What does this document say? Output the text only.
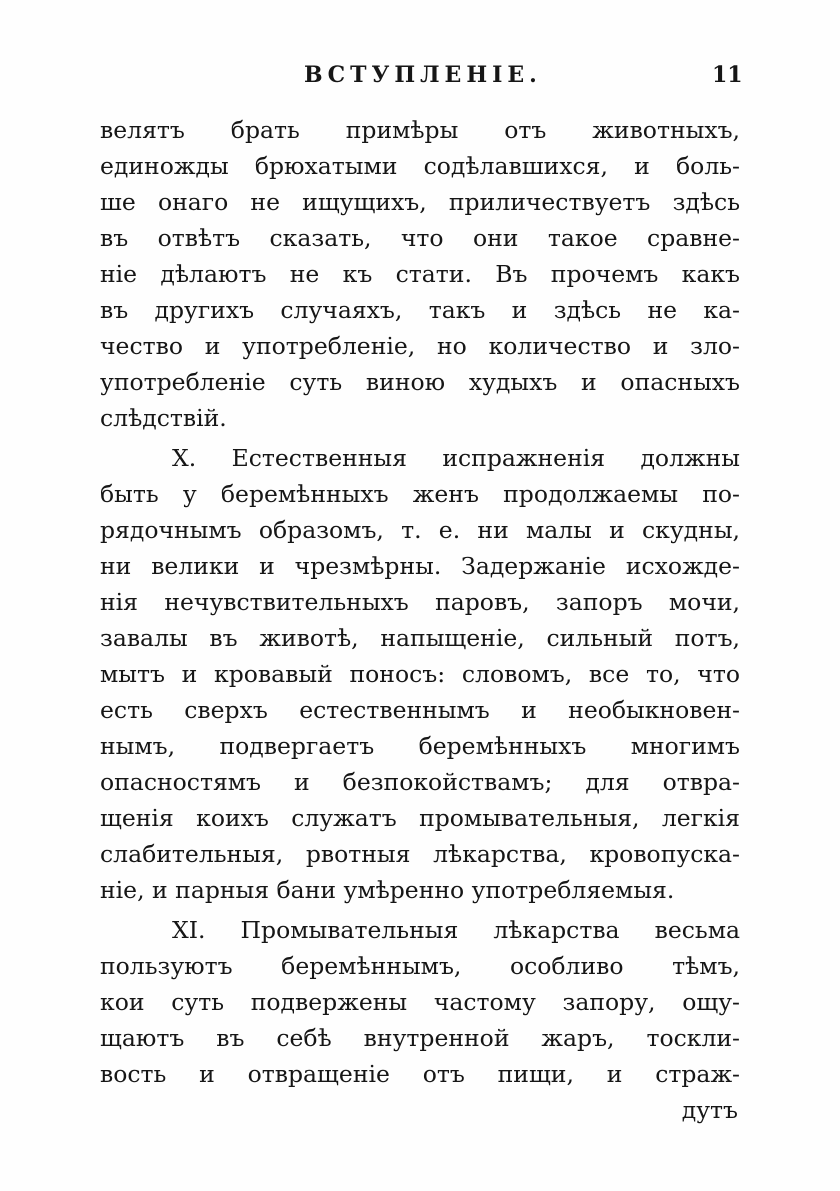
ВСТУПЛЕНIЕ.	11
велятъ брать примѣры отъ животныхъ,
единожды брюхатыми содѣлавшихся, и боль-
ше онаго не ищущихъ, приличествуетъ здѣсь
въ отвѣтъ сказать, что они такое сравне-
нiе дѣлаютъ не къ стати. Въ прочемъ какъ
въ другихъ случаяхъ, такъ и здѣсь не ка-
чество и употребленiе, но количество и зло-
употребленiе суть виною худыхъ и опасныхъ
слѣдствiй.
X. Естественныя испражненiя должны
быть у беремѣнныхъ женъ продолжаемы по-
рядочнымъ образомъ, т. е. ни малы и скудны,
ни велики и чрезмѣрны. Задержанiе исхожде-
нiя нечувствительныхъ паровъ, запоръ мочи,
завалы въ животѣ, напыщенiе, сильный потъ,
мытъ и кровавый поносъ: словомъ, все то, что
есть сверхъ естественнымъ и необыкновен-
нымъ, подвергаетъ беремѣнныхъ многимъ
опасностямъ и безпокойствамъ; для отвра-
щенiя коихъ служатъ промывательныя, легкiя
слабительныя, рвотныя лѣкарства, кровопуска-
нiе, и парныя бани умѣренно употребляемыя.
XI. Промывательныя лѣкарства весьма
пользуютъ беремѣннымъ, особливо тѣмъ,
кои суть подвержены частому запору, ощу-
щаютъ въ себѣ внутренной жаръ, тоскли-
вость и отвращенiе отъ пищи, и страж-
дутъ
